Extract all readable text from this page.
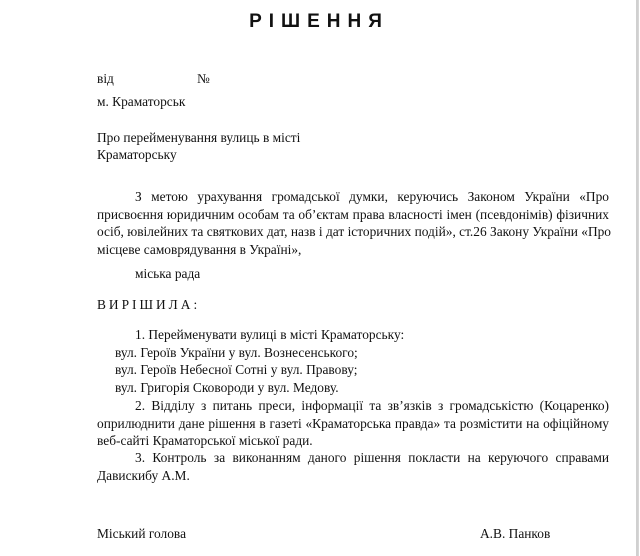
РІШЕННЯ
від	№
м. Краматорськ
Про перейменування вулиць в місті
Краматорську
З метою урахування громадської думки, керуючись Законом України «Про
присвоєння юридичним особам та об’єктам права власності імен (псевдонімів) фізичних
осіб, ювілейних та святкових дат, назв і дат історичних подій», ст.26 Закону України «Про
місцеве самоврядування в Україні»,
міська рада
ВИРІШИЛА:
1. Перейменувати вулиці в місті Краматорську:
вул. Героїв України у вул. Вознесенського;
вул. Героїв Небесної Сотні у вул. Правову;
вул. Григорія Сковороди у вул. Медову.
2. Відділу з питань преси, інформації та зв’язків з громадськістю (Коцаренко)
оприлюднити дане рішення в газеті «Краматорська правда» та розмістити на офіційному
веб-сайті Краматорської міської ради.
3. Контроль за виконанням даного рішення покласти на керуючого справами
Давискибу А.М.
Міський голова	А.В. Панков
